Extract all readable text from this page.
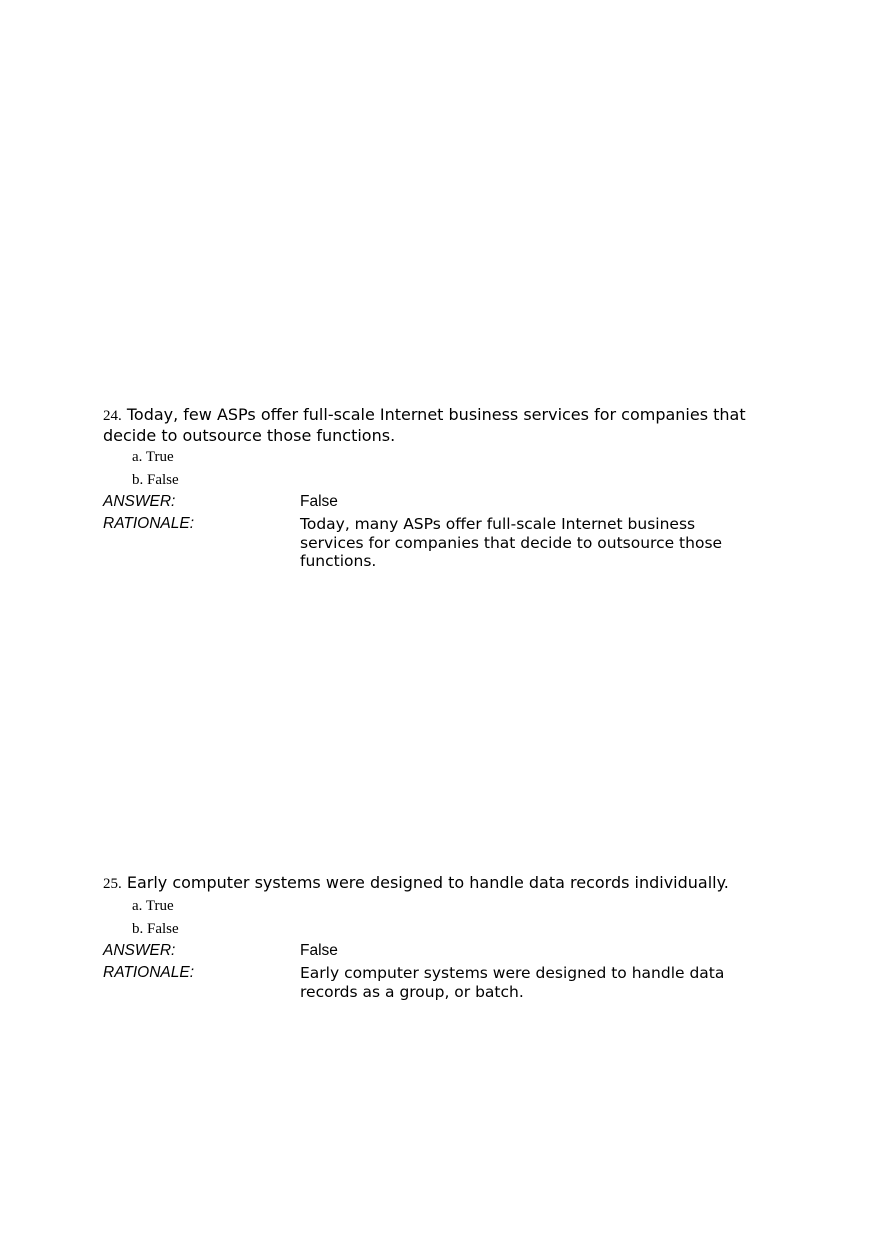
24. Today, few ASPs offer full-scale Internet business services for companies that decide to outsource those functions.

a. True
b. False
ANSWER:	False
RATIONALE:	Today, many ASPs offer full-scale Internet business services for companies that decide to outsource those functions.

25. Early computer systems were designed to handle data records individually.

a. True
b. False
ANSWER:	False
RATIONALE:	Early computer systems were designed to handle data records as a group, or batch.
